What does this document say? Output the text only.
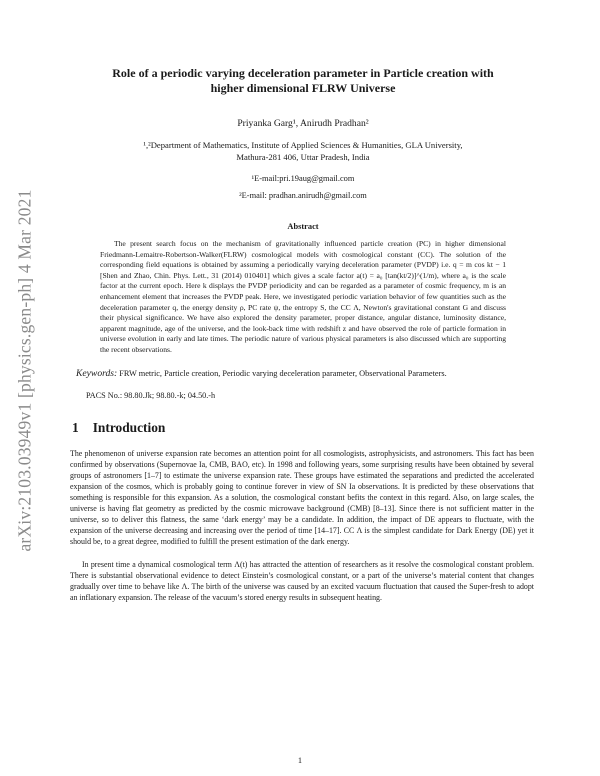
arXiv:2103.03949v1 [physics.gen-ph] 4 Mar 2021
Role of a periodic varying deceleration parameter in Particle creation with
higher dimensional FLRW Universe
Priyanka Garg¹, Anirudh Pradhan²
¹,²Department of Mathematics, Institute of Applied Sciences & Humanities, GLA University,
Mathura-281 406, Uttar Pradesh, India
¹E-mail:pri.19aug@gmail.com
²E-mail: pradhan.anirudh@gmail.com
Abstract

The present search focus on the mechanism of gravitationally influenced particle creation (PC) in higher dimensional Friedmann-Lemaitre-Robertson-Walker(FLRW) cosmological models with cosmological constant (CC). The solution of the corresponding field equations is obtained by assuming a periodically varying deceleration parameter (PVDP) i.e. q = m cos kt − 1 [Shen and Zhao, Chin. Phys. Lett., 31 (2014) 010401] which gives a scale factor a(t) = a₀ [tan(kt/2)]^(1/m), where a₀ is the scale factor at the current epoch. Here k displays the PVDP periodicity and can be regarded as a parameter of cosmic frequency, m is an enhancement element that increases the PVDP peak. Here, we investigated periodic variation behavior of few quantities such as the deceleration parameter q, the energy density ρ, PC rate ψ, the entropy S, the CC Λ, Newton's gravitational constant G and discuss their physical significance. We have also explored the density parameter, proper distance, angular distance, luminosity distance, apparent magnitude, age of the universe, and the look-back time with redshift z and have observed the role of particle formation in universe evolution in early and late times. The periodic nature of various physical parameters is also discussed which are supporting the recent observations.

Keywords: FRW metric, Particle creation, Periodic varying deceleration parameter, Observational Parameters.
PACS No.: 98.80.Jk; 98.80.-k; 04.50.-h
1 Introduction

The phenomenon of universe expansion rate becomes an attention point for all cosmologists, astrophysicists, and astronomers. This fact has been confirmed by observations (Supernovae Ia, CMB, BAO, etc). In 1998 and following years, some surprising results have been obtained by several groups of astronomers [1–7] to estimate the universe expansion rate. These groups have estimated the separations and predicted the accelerated expansion of the cosmos, which is probably going to continue forever in view of SN Ia observations. It is predicted by these observations that something is responsible for this expansion. As a solution, the cosmological constant befits the context in this regard. Also, on large scales, the universe is having flat geometry as predicted by the cosmic microwave background (CMB) [8–13]. Since there is not sufficient matter in the universe, so to deliver this flatness, the same ‘dark energy’ may be a candidate. In addition, the impact of DE appears to fluctuate, with the expansion of the universe decreasing and increasing over the period of time [14–17]. CC Λ is the simplest candidate for Dark Energy (DE) yet it should be, to a great degree, modified to fulfill the present estimation of the dark energy.

In present time a dynamical cosmological term Λ(t) has attracted the attention of researchers as it resolve the cosmological constant problem. There is substantial observational evidence to detect Einstein’s cosmological constant, or a part of the universe’s material content that changes gradually over time to behave like Λ. The birth of the universe was caused by an excited vacuum fluctuation that caused the Super-fresh to adopt an inflationary expansion. The release of the vacuum’s stored energy results in subsequent heating.

1
